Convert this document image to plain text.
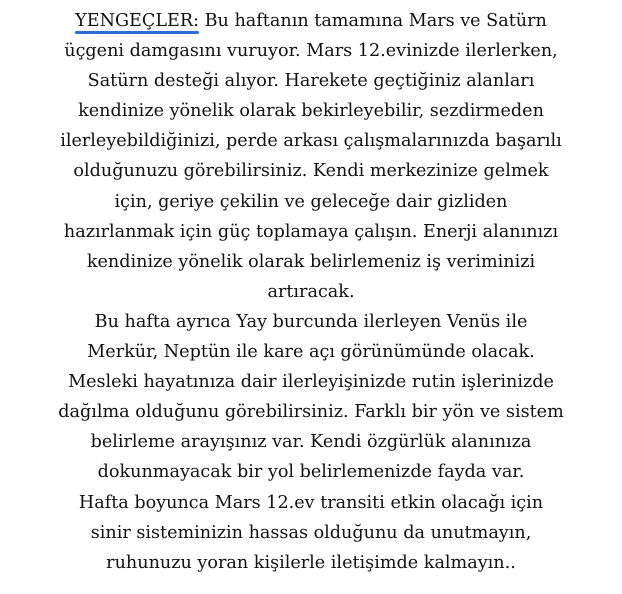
YENGEÇLER:
Bu haftanın tamamına Mars ve Satürn
üçgeni damgasını vuruyor. Mars 12.evinizde ilerlerken,
Satürn desteği alıyor. Harekete geçtiğiniz alanları
kendinize yönelik olarak bekirleyebilir, sezdirmeden
ilerleyebildiğinizi, perde arkası çalışmalarınızda başarılı
olduğunuzu görebilirsiniz. Kendi merkezinize gelmek
için, geriye çekilin ve geleceğe dair gizliden
hazırlanmak için güç toplamaya çalışın. Enerji alanınızı
kendinize yönelik olarak belirlemeniz iş veriminizi
artıracak.
Bu hafta ayrıca Yay burcunda ilerleyen Venüs ile
Merkür, Neptün ile kare açı görünümünde olacak.
Mesleki hayatınıza dair ilerleyişinizde rutin işlerinizde
dağılma olduğunu görebilirsiniz. Farklı bir yön ve sistem
belirleme arayışınız var. Kendi özgürlük alanınıza
dokunmayacak bir yol belirlemenizde fayda var.
Hafta boyunca Mars 12.ev transiti etkin olacağı için
sinir sisteminizin hassas olduğunu da unutmayın,
ruhunuzu yoran kişilerle iletişimde kalmayın..
